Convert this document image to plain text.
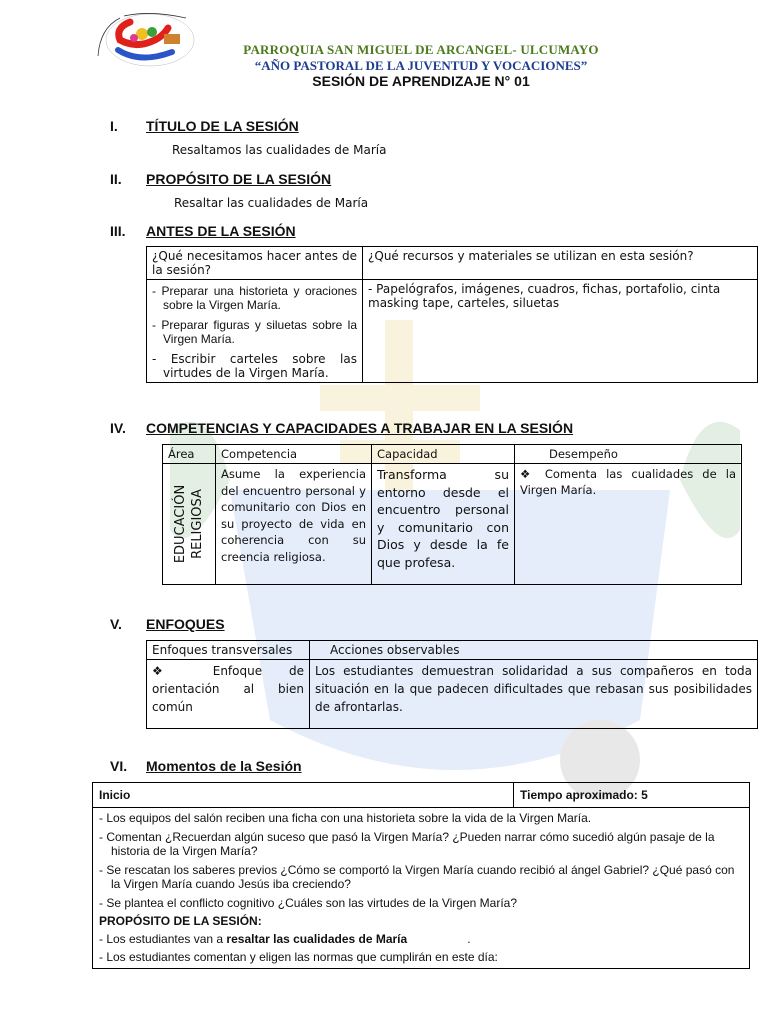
PARROQUIA SAN MIGUEL DE ARCANGEL- ULCUMAYO
“AÑO PASTORAL DE LA JUVENTUD Y VOCACIONES”
SESIÓN DE APRENDIZAJE N° 01
I. TÍTULO DE LA SESIÓN
Resaltamos las cualidades de María
II. PROPÓSITO DE LA SESIÓN
Resaltar las cualidades de María
III. ANTES DE LA SESIÓN
¿Qué necesitamos hacer antes de la sesión?	¿Qué recursos y materiales se utilizan en esta sesión?

- Preparar una historieta y oraciones sobre la Virgen María.
- Preparar figuras y siluetas sobre la Virgen María.
- Escribir carteles sobre las virtudes de la Virgen María.	- Papelógrafos, imágenes, cuadros, fichas, portafolio, cinta masking tape, carteles, siluetas
IV. COMPETENCIAS Y CAPACIDADES A TRABAJAR EN LA SESIÓN
Área	Competencia	Capacidad	Desempeño

EDUCACIÓN RELIGIOSA	Asume la experiencia del encuentro personal y comunitario con Dios en su proyecto de vida en coherencia con su creencia religiosa.	Transforma su entorno desde el encuentro personal y comunitario con Dios y desde la fe que profesa.	❖ Comenta las cualidades de la Virgen María.
V. ENFOQUES
Enfoques transversales	Acciones observables
❖ Enfoque de orientación al bien común	Los estudiantes demuestran solidaridad a sus compañeros en toda situación en la que padecen dificultades que rebasan sus posibilidades de afrontarlas.
VI. Momentos de la Sesión
Inicio	Tiempo aproximado: 5

- Los equipos del salón reciben una ficha con una historieta sobre la vida de la Virgen María.
- Comentan ¿Recuerdan algún suceso que pasó la Virgen María? ¿Pueden narrar cómo sucedió algún pasaje de la historia de la Virgen María?
- Se rescatan los saberes previos ¿Cómo se comportó la Virgen María cuando recibió al ángel Gabriel? ¿Qué pasó con la Virgen María cuando Jesús iba creciendo?
- Se plantea el conflicto cognitivo ¿Cuáles son las virtudes de la Virgen María?
PROPÓSITO DE LA SESIÓN:
- Los estudiantes van a resaltar las cualidades de María                  .
- Los estudiantes comentan y eligen las normas que cumplirán en este día:
